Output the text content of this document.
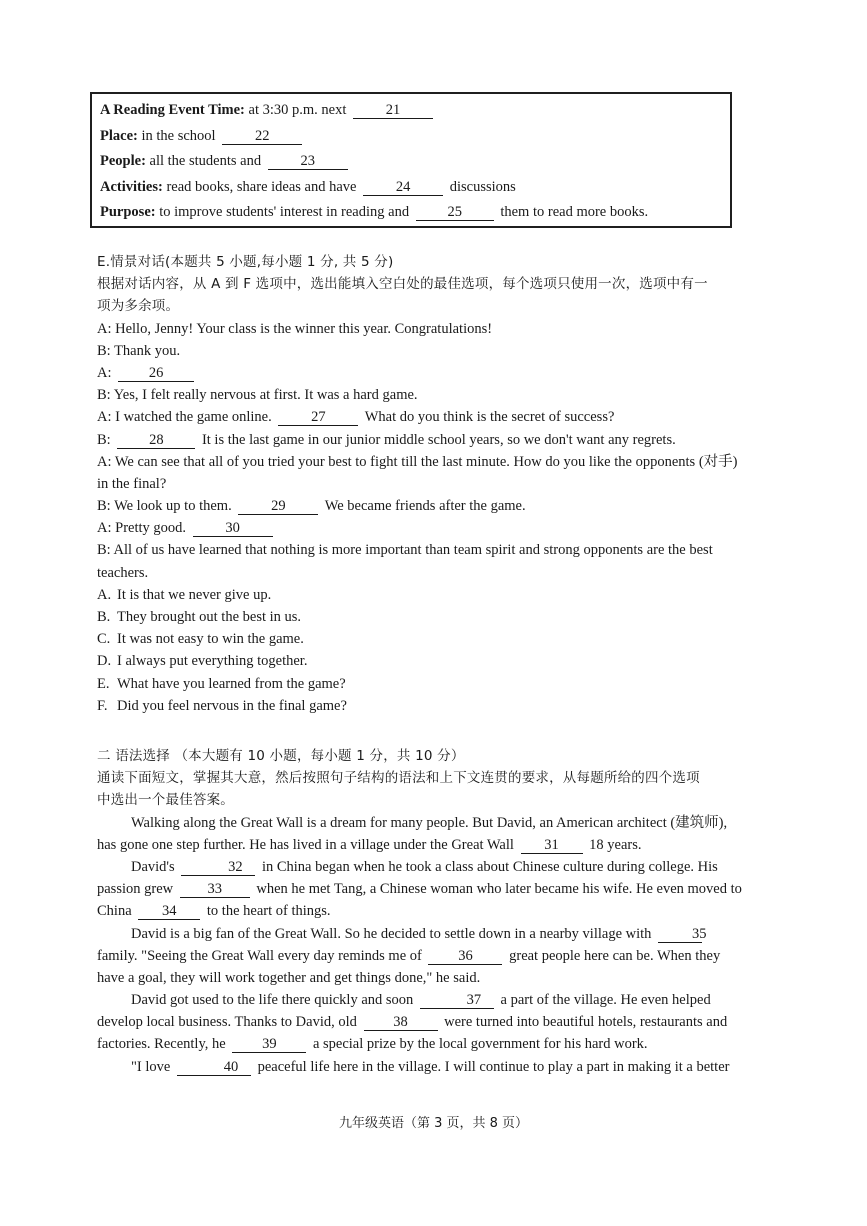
A Reading Event Time: at 3:30 p.m. next	21
Place: in the school	22
People: all the students and	23
Activities: read books, share ideas and have	24	discussions
Purpose: to improve students' interest in reading and	25	them to read more books.
E.情景对话(本题共 5 小题,每小题 1 分, 共 5 分)
根据对话内容，从 A 到 F 选项中，选出能填入空白处的最佳选项，每个选项只使用一次，选项中有一
项为多余项。
A: Hello, Jenny! Your class is the winner this year. Congratulations!
B: Thank you.
A:	26
B: Yes, I felt really nervous at first. It was a hard game.
A: I watched the game online.	27	What do you think is the secret of success?
B:	28	It is the last game in our junior middle school years, so we don't want any regrets.
A: We can see that all of you tried your best to fight till the last minute. How do you like the opponents (对手)
in the final?
B: We look up to them.	29	We became friends after the game.
A: Pretty good.	30
B: All of us have learned that nothing is more important than team spirit and strong opponents are the best
teachers.
A. It is that we never give up.
B. They brought out the best in us.
C. It was not easy to win the game.
D. I always put everything together.
E. What have you learned from the game?
F. Did you feel nervous in the final game?
二 语法选择 （本大题有 10 小题，每小题 1 分，共 10 分）
通读下面短文，掌握其大意，然后按照句子结构的语法和上下文连贯的要求，从每题所给的四个选项
中选出一个最佳答案。
Walking along the Great Wall is a dream for many people. But David, an American architect (建筑师),
has gone one step further. He has lived in a village under the Great Wall 31 18 years.
David's	32 in China began when he took a class about Chinese culture during college. His
passion grew 33 when he met Tang, a Chinese woman who later became his wife. He even moved to
China 34 to the heart of things.
David is a big fan of the Great Wall. So he decided to settle down in a nearby village with	35
family. "Seeing the Great Wall every day reminds me of	36	great people here can be. When they
have a goal, they will work together and get things done," he said.
David got used to the life there quickly and soon	37 a part of the village. He even helped
develop local business. Thanks to David, old	38	were turned into beautiful hotels, restaurants and
factories. Recently, he	39	a special prize by the local government for his hard work.
"I love	40 peaceful life here in the village. I will continue to play a part in making it a better
九年级英语（第 3 页，共 8 页）
